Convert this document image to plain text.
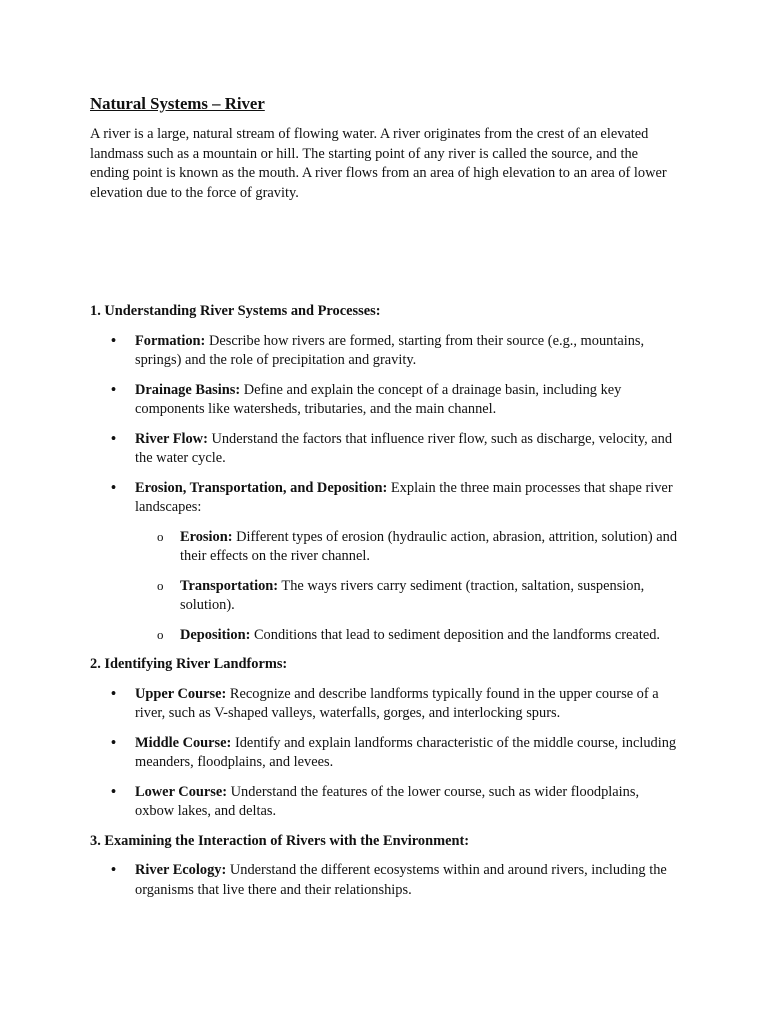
Natural Systems – River

A river is a large, natural stream of flowing water. A river originates from the crest of an elevated landmass such as a mountain or hill. The starting point of any river is called the source, and the ending point is known as the mouth. A river flows from an area of high elevation to an area of lower elevation due to the force of gravity.

1. Understanding River Systems and Processes:

• Formation: Describe how rivers are formed, starting from their source (e.g., mountains, springs) and the role of precipitation and gravity.
• Drainage Basins: Define and explain the concept of a drainage basin, including key components like watersheds, tributaries, and the main channel.
• River Flow: Understand the factors that influence river flow, such as discharge, velocity, and the water cycle.
• Erosion, Transportation, and Deposition: Explain the three main processes that shape river landscapes:
o Erosion: Different types of erosion (hydraulic action, abrasion, attrition, solution) and their effects on the river channel.
o Transportation: The ways rivers carry sediment (traction, saltation, suspension, solution).
o Deposition: Conditions that lead to sediment deposition and the landforms created.

2. Identifying River Landforms:

• Upper Course: Recognize and describe landforms typically found in the upper course of a river, such as V-shaped valleys, waterfalls, gorges, and interlocking spurs.
• Middle Course: Identify and explain landforms characteristic of the middle course, including meanders, floodplains, and levees.
• Lower Course: Understand the features of the lower course, such as wider floodplains, oxbow lakes, and deltas.

3. Examining the Interaction of Rivers with the Environment:

• River Ecology: Understand the different ecosystems within and around rivers, including the organisms that live there and their relationships.
